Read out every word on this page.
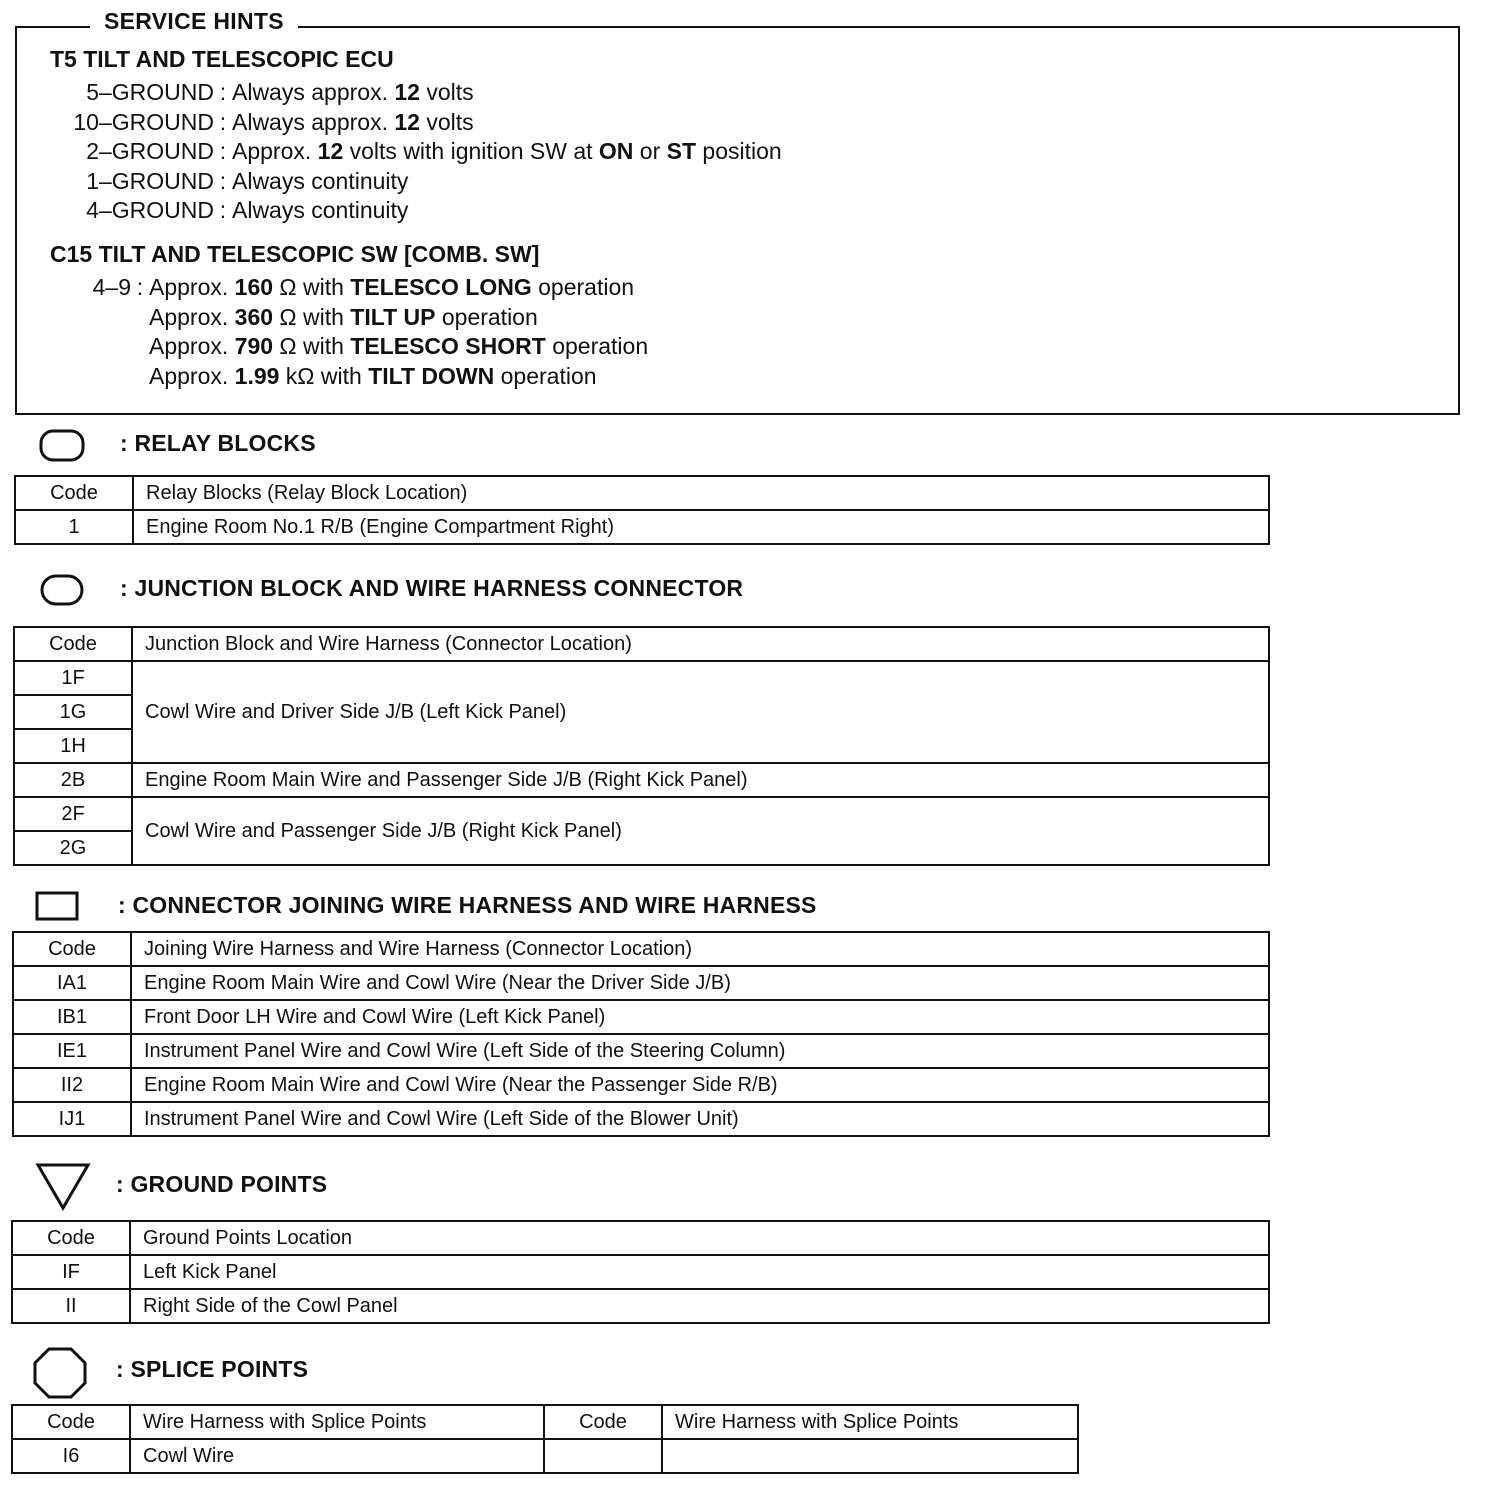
SERVICE HINTS
T5 TILT AND TELESCOPIC ECU
5–GROUND : Always approx. 12 volts
10–GROUND : Always approx. 12 volts
2–GROUND : Approx. 12 volts with ignition SW at ON or ST position
1–GROUND : Always continuity
4–GROUND : Always continuity
C15 TILT AND TELESCOPIC SW [COMB. SW]
4–9 : Approx. 160 Ω with TELESCO LONG operation
Approx. 360 Ω with TILT UP operation
Approx. 790 Ω with TELESCO SHORT operation
Approx. 1.99 kΩ with TILT DOWN operation
: RELAY BLOCKS
Code	Relay Blocks (Relay Block Location)
1	Engine Room No.1 R/B (Engine Compartment Right)
: JUNCTION BLOCK AND WIRE HARNESS CONNECTOR
Code	Junction Block and Wire Harness (Connector Location)
1F	Cowl Wire and Driver Side J/B (Left Kick Panel)
1G	
1H	
2B	Engine Room Main Wire and Passenger Side J/B (Right Kick Panel)
2F	Cowl Wire and Passenger Side J/B (Right Kick Panel)
2G	
: CONNECTOR JOINING WIRE HARNESS AND WIRE HARNESS
Code	Joining Wire Harness and Wire Harness (Connector Location)
IA1	Engine Room Main Wire and Cowl Wire (Near the Driver Side J/B)
IB1	Front Door LH Wire and Cowl Wire (Left Kick Panel)
IE1	Instrument Panel Wire and Cowl Wire (Left Side of the Steering Column)
II2	Engine Room Main Wire and Cowl Wire (Near the Passenger Side R/B)
IJ1	Instrument Panel Wire and Cowl Wire (Left Side of the Blower Unit)
: GROUND POINTS
Code	Ground Points Location
IF	Left Kick Panel
II	Right Side of the Cowl Panel
: SPLICE POINTS
Code	Wire Harness with Splice Points	Code	Wire Harness with Splice Points
I6	Cowl Wire		
